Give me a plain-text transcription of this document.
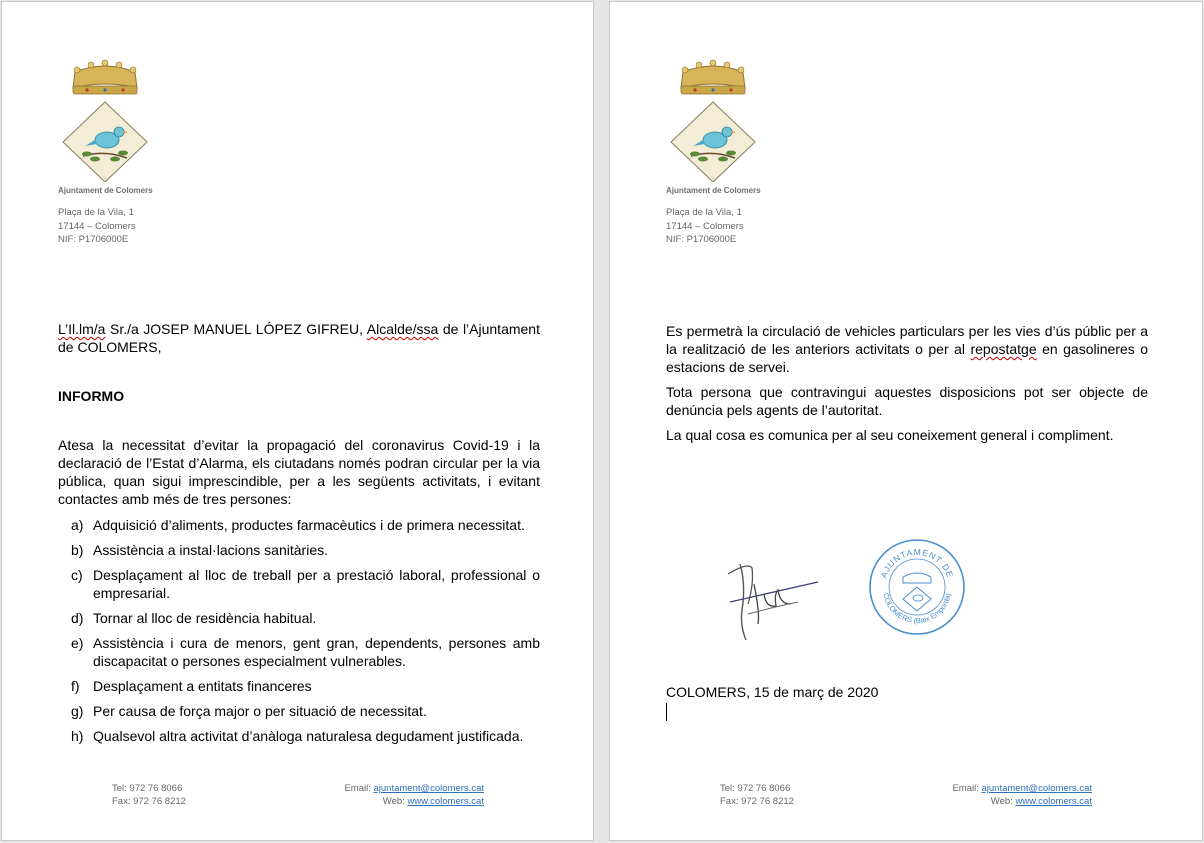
Ajuntament de Colomers
Plaça de la Vila, 1
17144 – Colomers
NIF: P1706000E
L’Il.lm/a Sr./a JOSEP MANUEL LÓPEZ GIFREU, Alcalde/ssa de l’Ajuntament de COLOMERS,
INFORMO
Atesa la necessitat d’evitar la propagació del coronavirus Covid-19 i la declaració de l’Estat d’Alarma, els ciutadans només podran circular per la via pública, quan sigui imprescindible, per a les següents activitats, i evitant contactes amb més de tres persones:
a) Adquisició d’aliments, productes farmacèutics i de primera necessitat.
b) Assistència a instal·lacions sanitàries.
c) Desplaçament al lloc de treball per a prestació laboral, professional o empresarial.
d) Tornar al lloc de residència habitual.
e) Assistència i cura de menors, gent gran, dependents, persones amb discapacitat o persones especialment vulnerables.
f) Desplaçament a entitats financeres
g) Per causa de força major o per situació de necessitat.
h) Qualsevol altra activitat d’anàloga naturalesa degudament justificada.
Tel: 972 76 8066
Fax: 972 76 8212
Email: ajuntament@colomers.cat
Web: www.colomers.cat
Ajuntament de Colomers
Plaça de la Vila, 1
17144 – Colomers
NIF: P1706000E

Es permetrà la circulació de vehicles particulars per les vies d’ús públic per a la realització de les anteriors activitats o per al repostatge en gasolineres o estacions de servei.

Tota persona que contravingui aquestes disposicions pot ser objecte de denúncia pels agents de l’autoritat.

La qual cosa es comunica per al seu coneixement general i compliment.

AJUNTAMENT DE
COLOMERS (Baix Empordà)
COLOMERS, 15 de març de 2020
Tel: 972 76 8066
Fax: 972 76 8212
Email: ajuntament@colomers.cat
Web: www.colomers.cat
